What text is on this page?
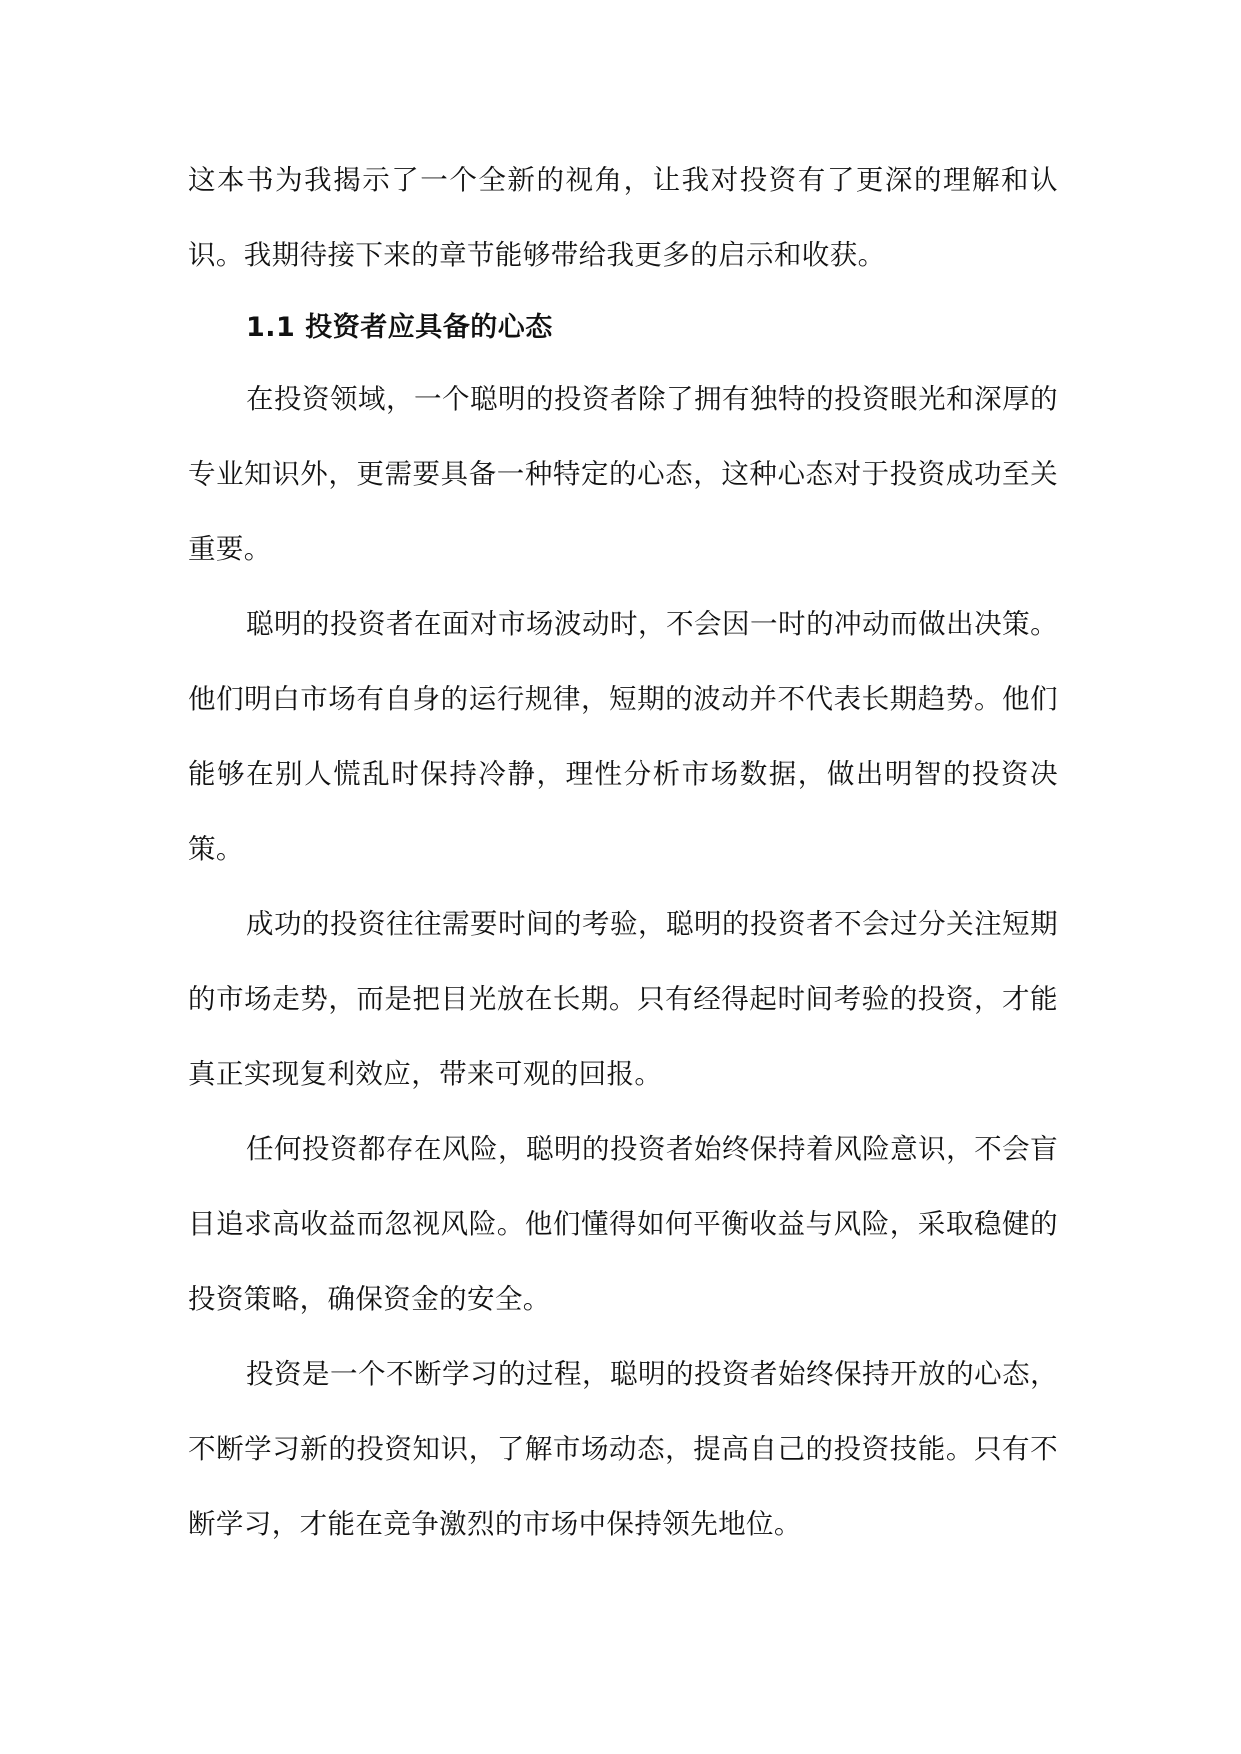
这本书为我揭示了一个全新的视角，让我对投资有了更深的理解和认识。我期待接下来的章节能够带给我更多的启示和收获。

1.1 投资者应具备的心态

在投资领域，一个聪明的投资者除了拥有独特的投资眼光和深厚的专业知识外，更需要具备一种特定的心态，这种心态对于投资成功至关重要。

聪明的投资者在面对市场波动时，不会因一时的冲动而做出决策。他们明白市场有自身的运行规律，短期的波动并不代表长期趋势。他们能够在别人慌乱时保持冷静，理性分析市场数据，做出明智的投资决策。

成功的投资往往需要时间的考验，聪明的投资者不会过分关注短期的市场走势，而是把目光放在长期。只有经得起时间考验的投资，才能真正实现复利效应，带来可观的回报。

任何投资都存在风险，聪明的投资者始终保持着风险意识，不会盲目追求高收益而忽视风险。他们懂得如何平衡收益与风险，采取稳健的投资策略，确保资金的安全。

投资是一个不断学习的过程，聪明的投资者始终保持开放的心态，不断学习新的投资知识，了解市场动态，提高自己的投资技能。只有不断学习，才能在竞争激烈的市场中保持领先地位。
